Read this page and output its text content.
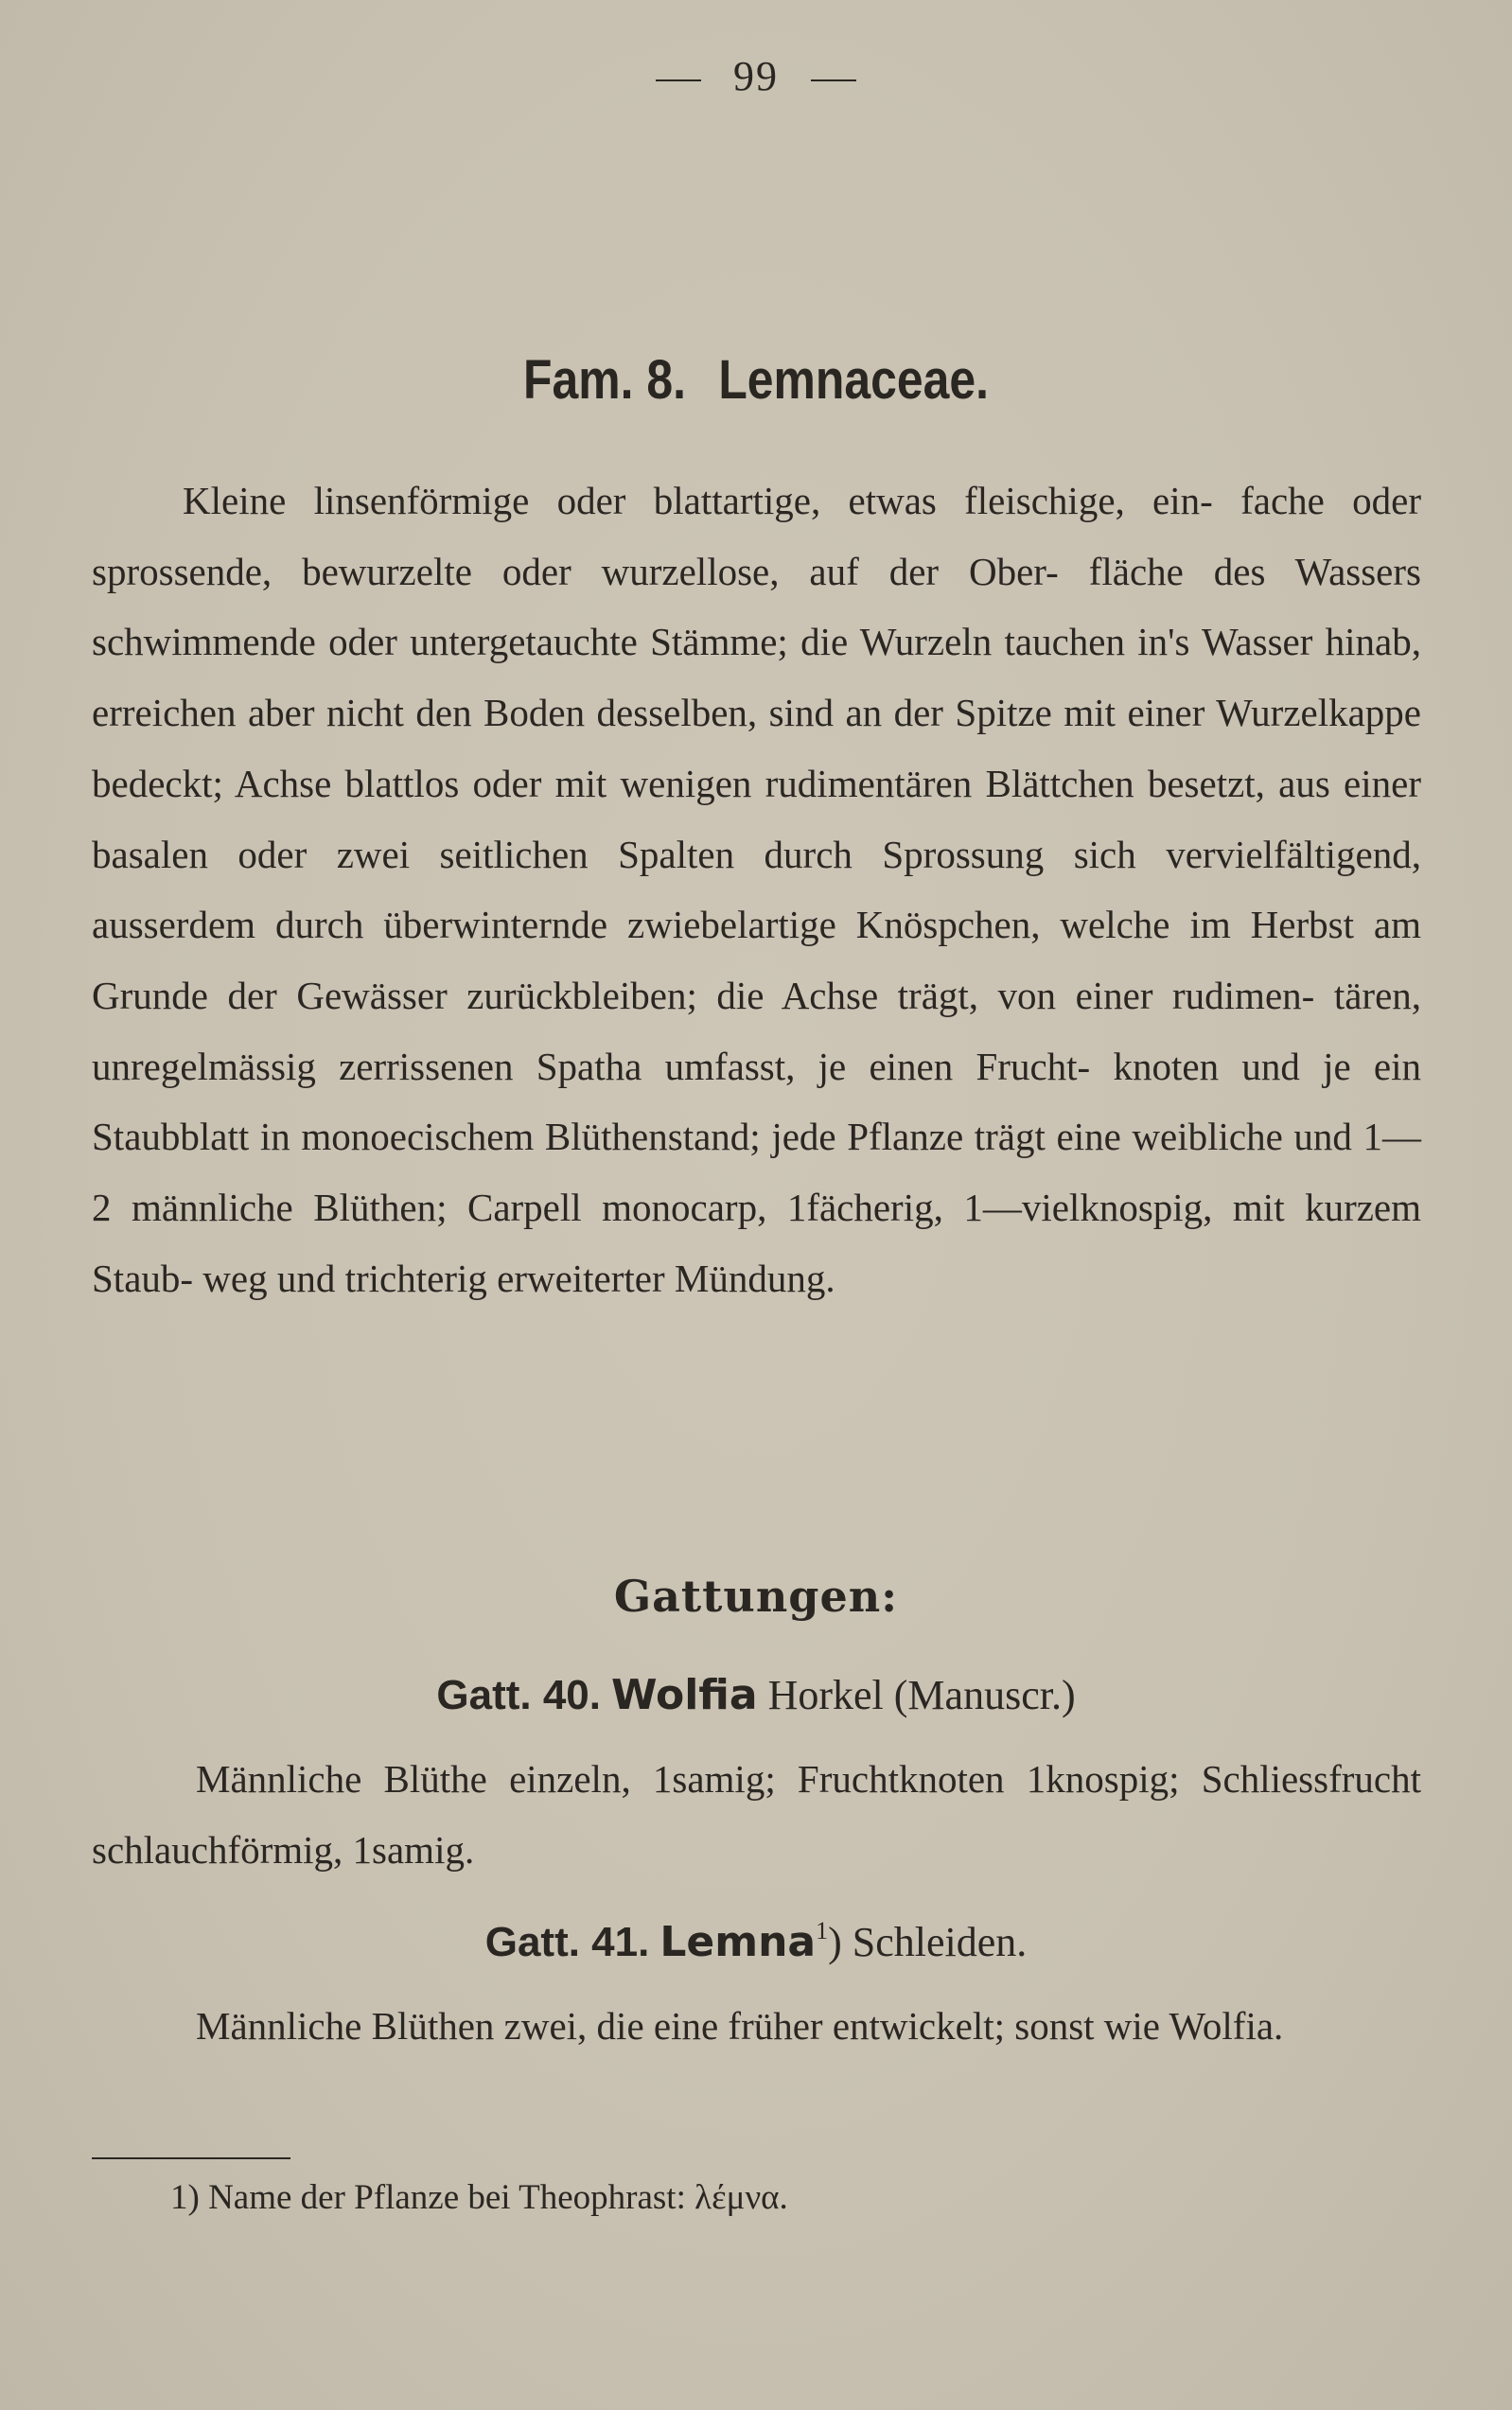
99
Fam. 8. Lemnaceae.

Kleine linsenförmige oder blattartige, etwas fleischige, ein- fache oder sprossende, bewurzelte oder wurzellose, auf der Ober- fläche des Wassers schwimmende oder untergetauchte Stämme; die Wurzeln tauchen in's Wasser hinab, erreichen aber nicht den Boden desselben, sind an der Spitze mit einer Wurzelkappe bedeckt; Achse blattlos oder mit wenigen rudimentären Blättchen besetzt, aus einer basalen oder zwei seitlichen Spalten durch Sprossung sich vervielfältigend, ausserdem durch überwinternde zwiebelartige Knöspchen, welche im Herbst am Grunde der Gewässer zurückbleiben; die Achse trägt, von einer rudimen- tären, unregelmässig zerrissenen Spatha umfasst, je einen Frucht- knoten und je ein Staubblatt in monoecischem Blüthenstand; jede Pflanze trägt eine weibliche und 1—2 männliche Blüthen; Carpell monocarp, 1fächerig, 1—vielknospig, mit kurzem Staub- weg und trichterig erweiterter Mündung.

Gattungen:
Gatt. 40. Wolfia Horkel (Manuscr.)

Männliche Blüthe einzeln, 1samig; Fruchtknoten 1knospig; Schliessfrucht schlauchförmig, 1samig.

Gatt. 41. Lemna$^1$) Schleiden.

Männliche Blüthen zwei, die eine früher entwickelt; sonst wie Wolfia.

1) Name der Pflanze bei Theophrast: λέμνα.
